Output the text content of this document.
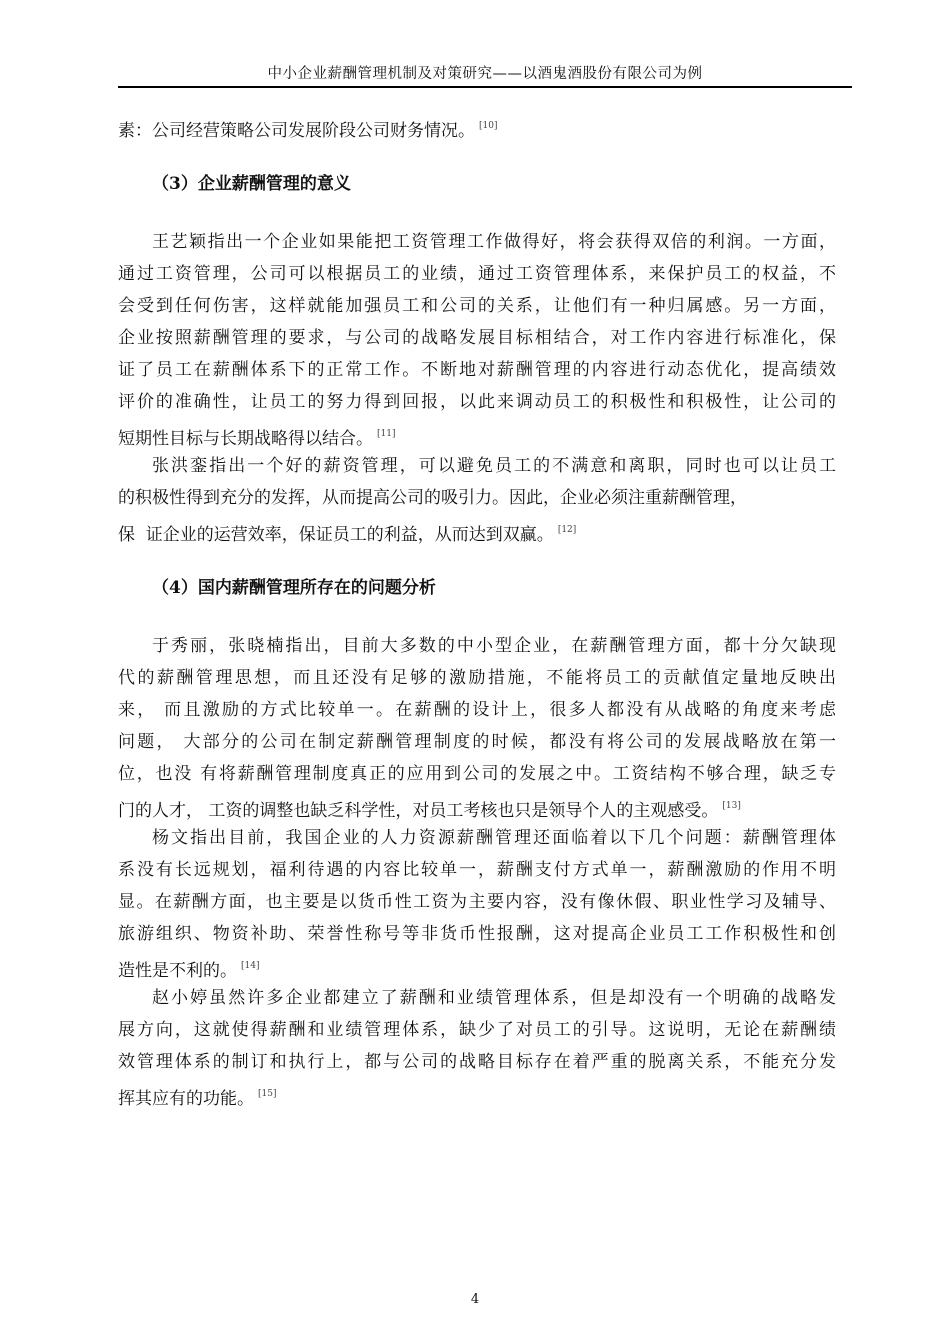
中小企业薪酬管理机制及对策研究——以酒鬼酒股份有限公司为例
素：公司经营策略公司发展阶段公司财务情况。 [10]
（3）企业薪酬管理的意义
王艺颖指出一个企业如果能把工资管理工作做得好，将会获得双倍的利润。一方面，
通过工资管理，公司可以根据员工的业绩，通过工资管理体系，来保护员工的权益，不
会受到任何伤害，这样就能加强员工和公司的关系，让他们有一种归属感。另一方面，
企业按照薪酬管理的要求，与公司的战略发展目标相结合，对工作内容进行标准化，保
证了员工在薪酬体系下的正常工作。不断地对薪酬管理的内容进行动态优化，提高绩效
评价的准确性，让员工的努力得到回报，以此来调动员工的积极性和积极性，让公司的
短期性目标与长期战略得以结合。 [11]
张洪銮指出一个好的薪资管理，可以避免员工的不满意和离职，同时也可以让员工
的积极性得到充分的发挥，从而提高公司的吸引力。因此，企业必须注重薪酬管理，
保  证企业的运营效率，保证员工的利益，从而达到双赢。 [12]
（4）国内薪酬管理所存在的问题分析
于秀丽，张晓楠指出，目前大多数的中小型企业，在薪酬管理方面，都十分欠缺现
代的薪酬管理思想，而且还没有足够的激励措施，不能将员工的贡献值定量地反映出
来， 而且激励的方式比较单一。在薪酬的设计上，很多人都没有从战略的角度来考虑
问题， 大部分的公司在制定薪酬管理制度的时候，都没有将公司的发展战略放在第一
位，也没 有将薪酬管理制度真正的应用到公司的发展之中。工资结构不够合理，缺乏专
门的人才， 工资的调整也缺乏科学性，对员工考核也只是领导个人的主观感受。 [13]
杨文指出目前，我国企业的人力资源薪酬管理还面临着以下几个问题：薪酬管理体
系没有长远规划，福利待遇的内容比较单一，薪酬支付方式单一，薪酬激励的作用不明
显。在薪酬方面，也主要是以货币性工资为主要内容，没有像休假、职业性学习及辅导、
旅游组织、物资补助、荣誉性称号等非货币性报酬，这对提高企业员工工作积极性和创
造性是不利的。 [14]
赵小婷虽然许多企业都建立了薪酬和业绩管理体系，但是却没有一个明确的战略发
展方向，这就使得薪酬和业绩管理体系，缺少了对员工的引导。这说明，无论在薪酬绩
效管理体系的制订和执行上，都与公司的战略目标存在着严重的脱离关系，不能充分发
挥其应有的功能。 [15]
4
